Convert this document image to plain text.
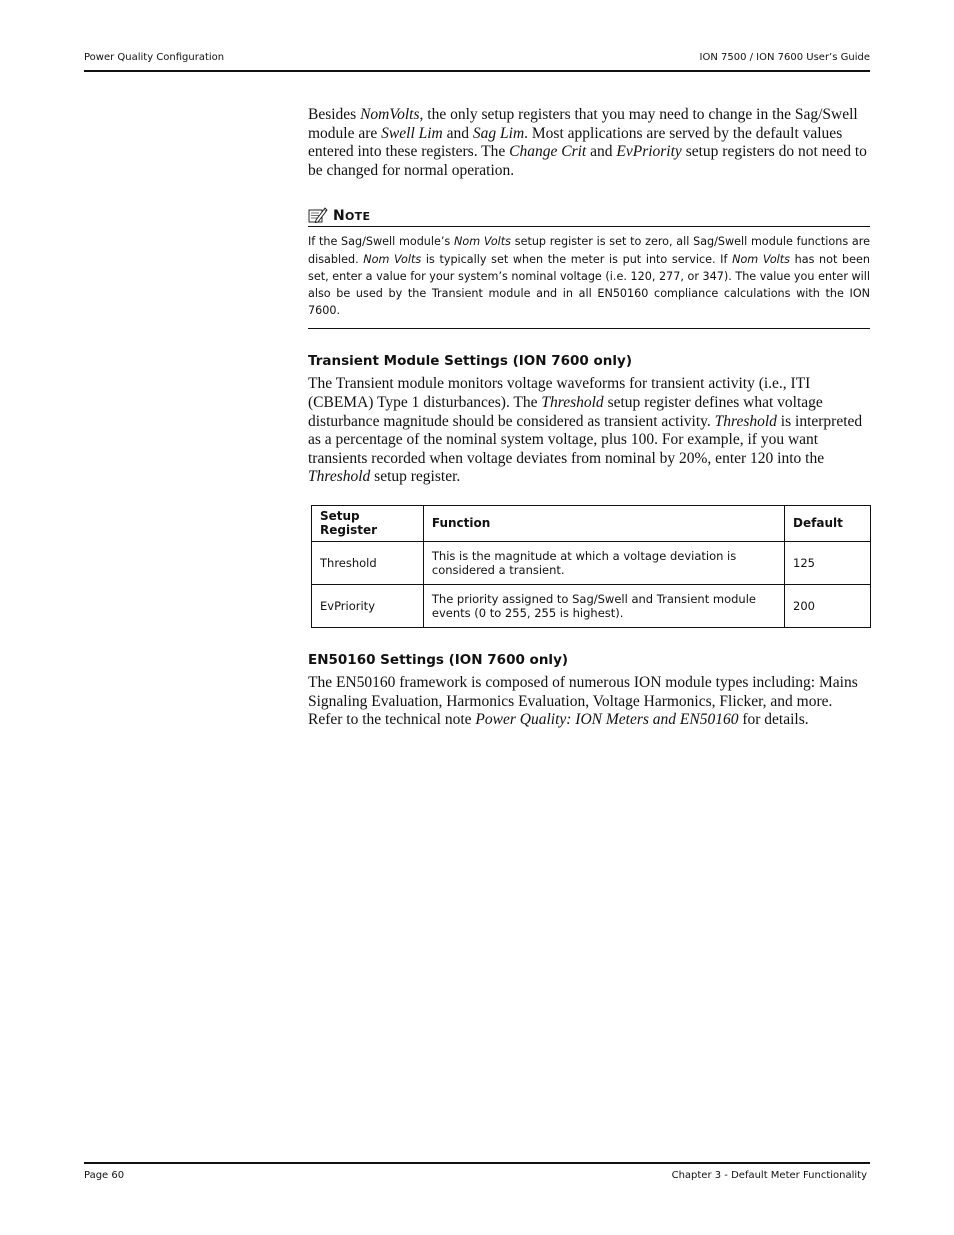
Power Quality Configuration	ION 7500 / ION 7600 User’s Guide

Besides NomVolts, the only setup registers that you may need to change in the Sag/Swell module are Swell Lim and Sag Lim. Most applications are served by the default values entered into these registers. The Change Crit and EvPriority setup registers do not need to be changed for normal operation.

NOTE
If the Sag/Swell module’s Nom Volts setup register is set to zero, all Sag/Swell module functions are disabled. Nom Volts is typically set when the meter is put into service. If Nom Volts has not been set, enter a value for your system’s nominal voltage (i.e. 120, 277, or 347). The value you enter will also be used by the Transient module and in all EN50160 compliance calculations with the ION 7600.
Transient Module Settings (ION 7600 only)

The Transient module monitors voltage waveforms for transient activity (i.e., ITI (CBEMA) Type 1 disturbances). The Threshold setup register defines what voltage disturbance magnitude should be considered as transient activity. Threshold is interpreted as a percentage of the nominal system voltage, plus 100. For example, if you want transients recorded when voltage deviates from nominal by 20%, enter 120 into the Threshold setup register.

Setup Register	Function	Default
Threshold	This is the magnitude at which a voltage deviation is considered a transient.	125
EvPriority	The priority assigned to Sag/Swell and Transient module events (0 to 255, 255 is highest).	200
EN50160 Settings (ION 7600 only)

The EN50160 framework is composed of numerous ION module types including: Mains Signaling Evaluation, Harmonics Evaluation, Voltage Harmonics, Flicker, and more. Refer to the technical note Power Quality: ION Meters and EN50160 for details.

Page 60	Chapter 3 - Default Meter Functionality
